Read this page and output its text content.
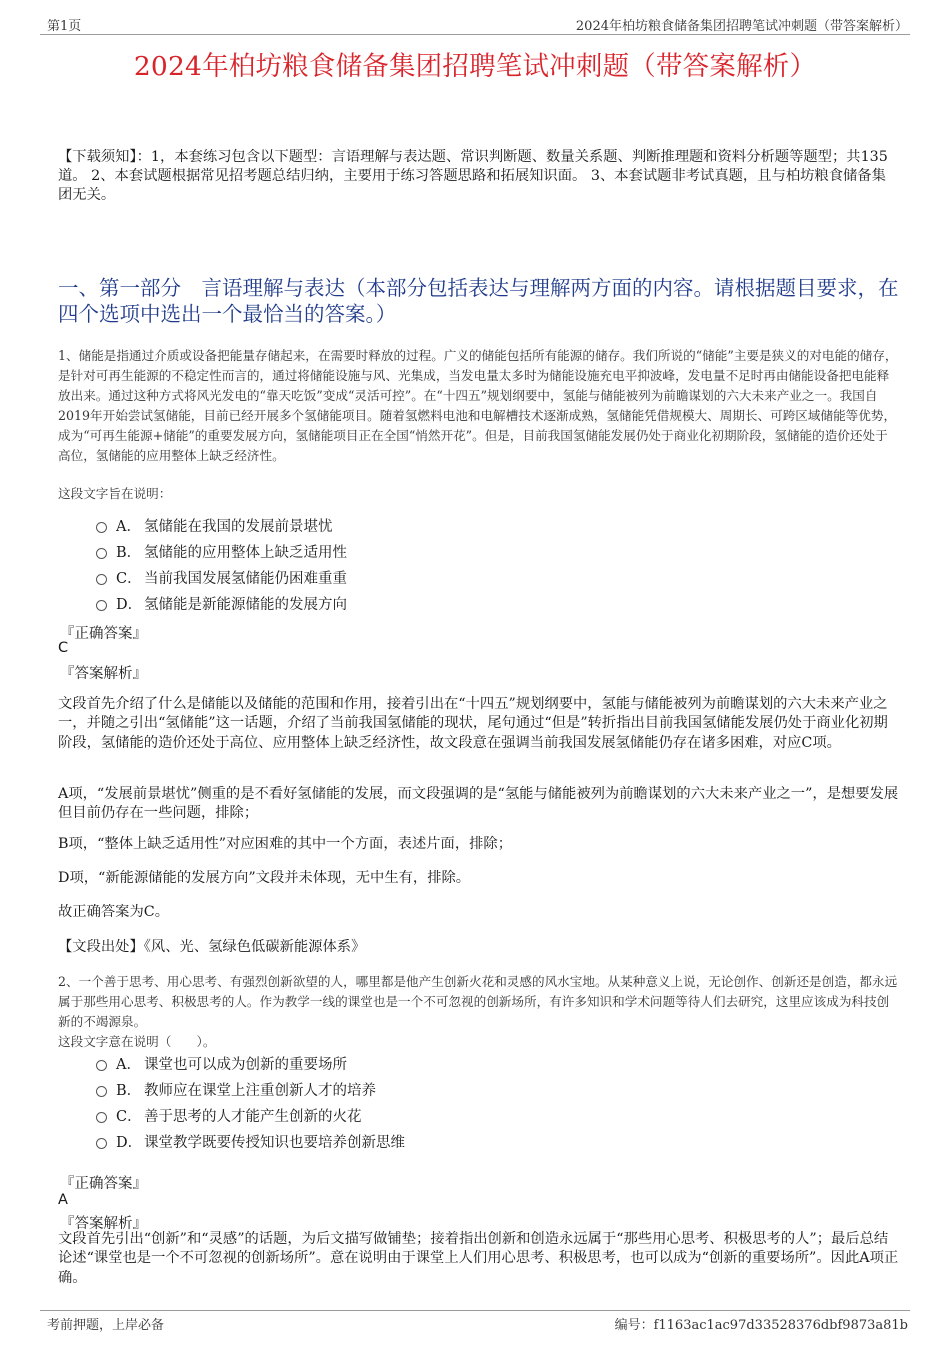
第1页	2024年柏坊粮食储备集团招聘笔试冲刺题（带答案解析）
2024年柏坊粮食储备集团招聘笔试冲刺题（带答案解析）
【下载须知】：1，本套练习包含以下题型：言语理解与表达题、常识判断题、数量关系题、判断推理题和资料分析题等题型；共135道。 2、本套试题根据常见招考题总结归纳，主要用于练习答题思路和拓展知识面。 3、本套试题非考试真题，且与柏坊粮食储备集团无关。
一、第一部分　言语理解与表达（本部分包括表达与理解两方面的内容。请根据题目要求，在四个选项中选出一个最恰当的答案。）
1、储能是指通过介质或设备把能量存储起来，在需要时释放的过程。广义的储能包括所有能源的储存。我们所说的“储能”主要是狭义的对电能的储存，是针对可再生能源的不稳定性而言的，通过将储能设施与风、光集成，当发电量太多时为储能设施充电平抑波峰，发电量不足时再由储能设备把电能释放出来。通过这种方式将风光发电的“靠天吃饭”变成“灵活可控”。在“十四五”规划纲要中，氢能与储能被列为前瞻谋划的六大未来产业之一。我国自2019年开始尝试氢储能，目前已经开展多个氢储能项目。随着氢燃料电池和电解槽技术逐渐成熟，氢储能凭借规模大、周期长、可跨区域储能等优势，成为“可再生能源+储能”的重要发展方向，氢储能项目正在全国“悄然开花”。但是，目前我国氢储能发展仍处于商业化初期阶段，氢储能的造价还处于高位，氢储能的应用整体上缺乏经济性。
这段文字旨在说明：
A． 氢储能在我国的发展前景堪忧
B． 氢储能的应用整体上缺乏适用性
C． 当前我国发展氢储能仍困难重重
D． 氢储能是新能源储能的发展方向
『正确答案』
C
『答案解析』
文段首先介绍了什么是储能以及储能的范围和作用，接着引出在“十四五”规划纲要中，氢能与储能被列为前瞻谋划的六大未来产业之一，并随之引出“氢储能”这一话题，介绍了当前我国氢储能的现状，尾句通过“但是”转折指出目前我国氢储能发展仍处于商业化初期阶段，氢储能的造价还处于高位、应用整体上缺乏经济性，故文段意在强调当前我国发展氢储能仍存在诸多困难，对应C项。
A项，“发展前景堪忧”侧重的是不看好氢储能的发展，而文段强调的是“氢能与储能被列为前瞻谋划的六大未来产业之一”，是想要发展但目前仍存在一些问题，排除；
B项，“整体上缺乏适用性”对应困难的其中一个方面，表述片面，排除；
D项，“新能源储能的发展方向”文段并未体现，无中生有，排除。
故正确答案为C。
【文段出处】《风、光、氢绿色低碳新能源体系》
2、一个善于思考、用心思考、有强烈创新欲望的人，哪里都是他产生创新火花和灵感的风水宝地。从某种意义上说，无论创作、创新还是创造，都永远属于那些用心思考、积极思考的人。作为教学一线的课堂也是一个不可忽视的创新场所，有许多知识和学术问题等待人们去研究，这里应该成为科技创新的不竭源泉。
这段文字意在说明（　　）。
A． 课堂也可以成为创新的重要场所
B． 教师应在课堂上注重创新人才的培养
C． 善于思考的人才能产生创新的火花
D． 课堂教学既要传授知识也要培养创新思维
『正确答案』
A
『答案解析』
文段首先引出“创新”和“灵感”的话题，为后文描写做铺垫；接着指出创新和创造永远属于“那些用心思考、积极思考的人”；最后总结论述“课堂也是一个不可忽视的创新场所”。意在说明由于课堂上人们用心思考、积极思考，也可以成为“创新的重要场所”。因此A项正确。
考前押题，上岸必备	编号：f1163ac1ac97d33528376dbf9873a81b
